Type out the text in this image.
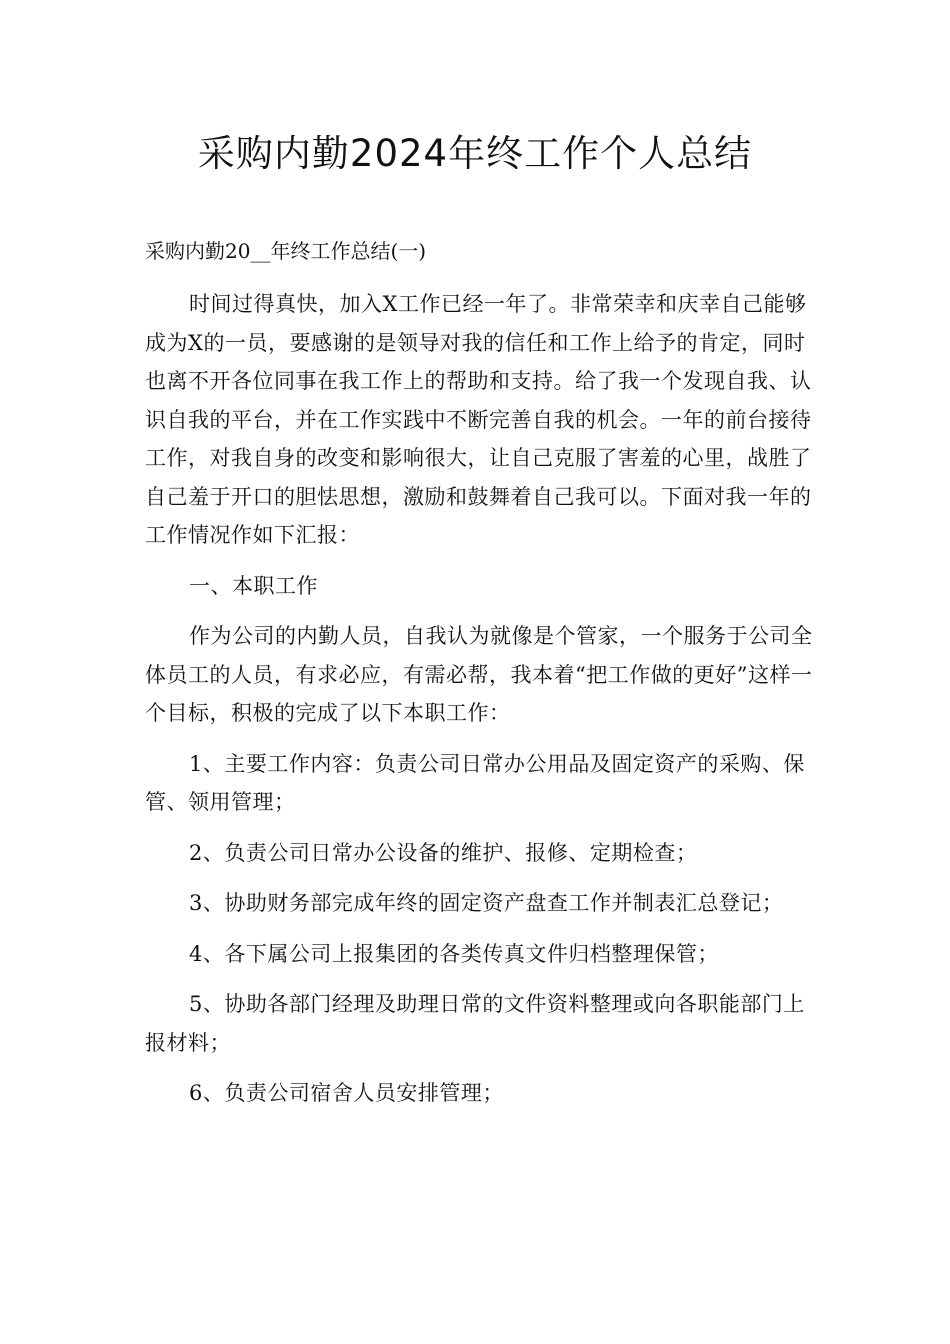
采购内勤2024年终工作个人总结

采购内勤20__年终工作总结(一)

时间过得真快，加入X工作已经一年了。非常荣幸和庆幸自己能够成为X的一员，要感谢的是领导对我的信任和工作上给予的肯定，同时也离不开各位同事在我工作上的帮助和支持。给了我一个发现自我、认识自我的平台，并在工作实践中不断完善自我的机会。一年的前台接待工作，对我自身的改变和影响很大，让自己克服了害羞的心里，战胜了自己羞于开口的胆怯思想，激励和鼓舞着自己我可以。下面对我一年的工作情况作如下汇报：

一、本职工作

作为公司的内勤人员，自我认为就像是个管家，一个服务于公司全体员工的人员，有求必应，有需必帮，我本着“把工作做的更好”这样一个目标，积极的完成了以下本职工作：

1、主要工作内容：负责公司日常办公用品及固定资产的采购、保管、领用管理；

2、负责公司日常办公设备的维护、报修、定期检查；

3、协助财务部完成年终的固定资产盘查工作并制表汇总登记；

4、各下属公司上报集团的各类传真文件归档整理保管；

5、协助各部门经理及助理日常的文件资料整理或向各职能部门上报材料；

6、负责公司宿舍人员安排管理；
